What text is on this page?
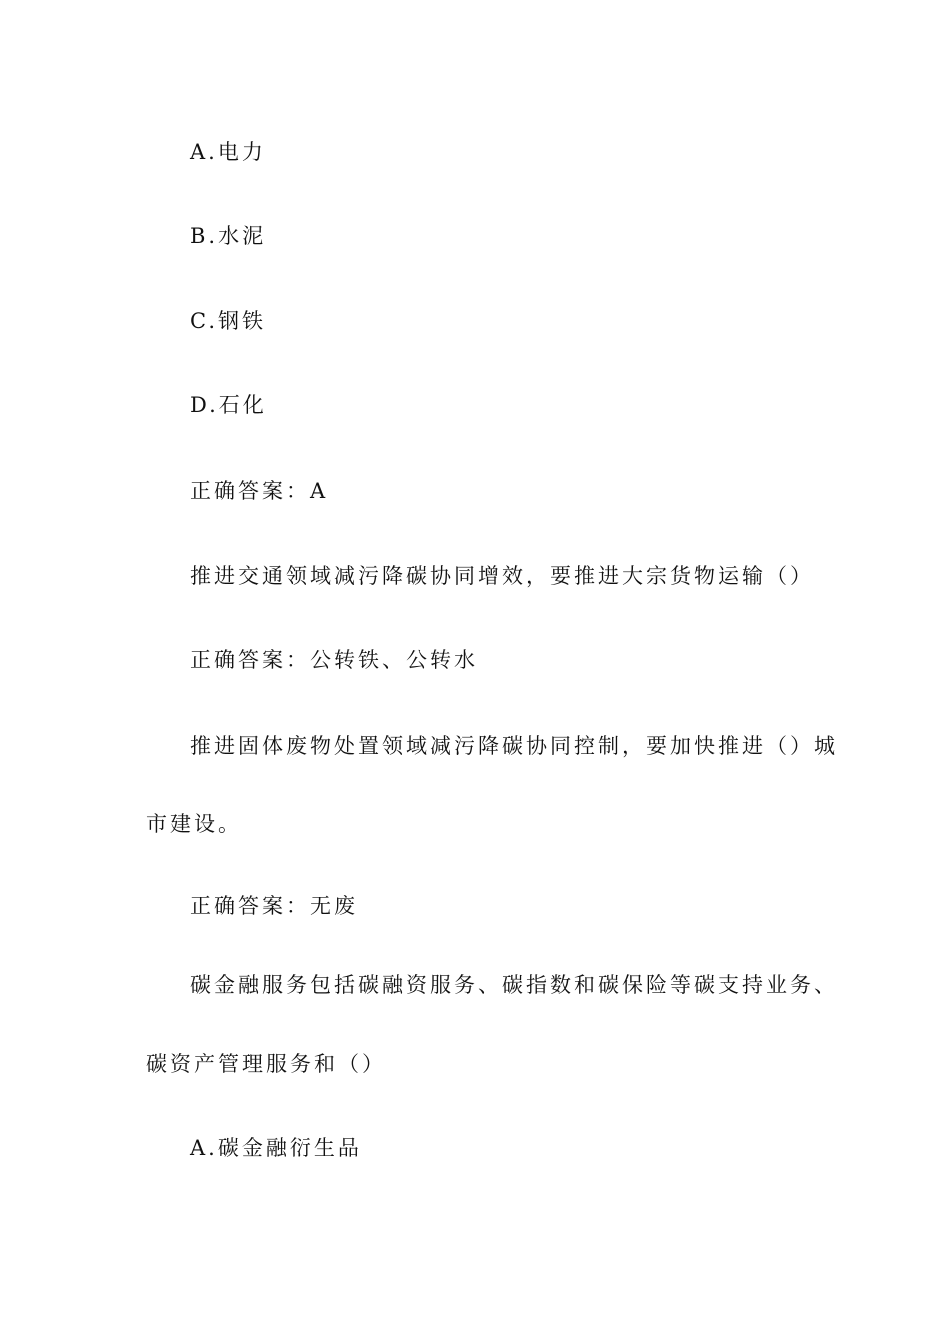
A.电力
B.水泥
C.钢铁
D.石化
正确答案：A
推进交通领域减污降碳协同增效，要推进大宗货物运输（）
正确答案：公转铁、公转水
推进固体废物处置领域减污降碳协同控制，要加快推进（）城
市建设。
正确答案：无废
碳金融服务包括碳融资服务、碳指数和碳保险等碳支持业务、
碳资产管理服务和（）
A.碳金融衍生品
